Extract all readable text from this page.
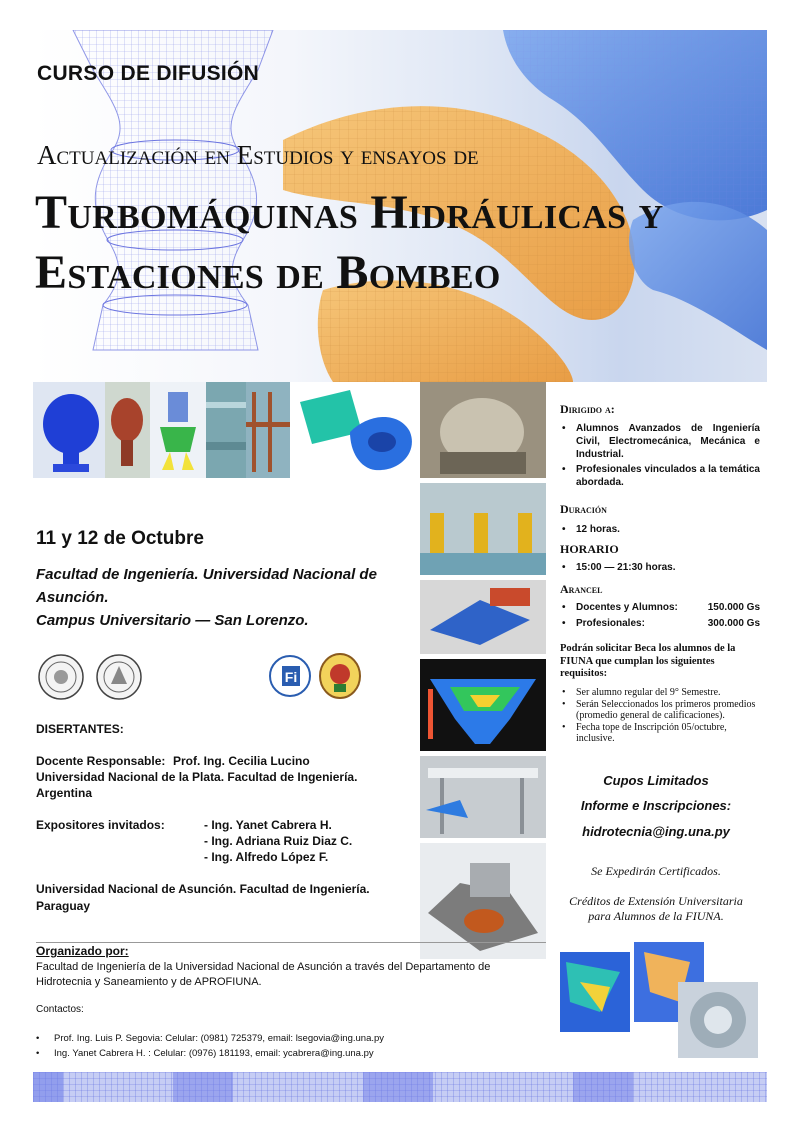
CURSO DE DIFUSIÓN
Actualización en Estudios y ensayos de
Turbomáquinas Hidráulicas y
Estaciones de Bombeo

11 y 12 de Octubre
Facultad de Ingeniería. Universidad Nacional de
Asunción.
Campus Universitario — San Lorenzo.
Fi
DISERTANTES:
Docente Responsable: Prof. Ing. Cecilia Lucino
Universidad Nacional de la Plata. Facultad de Ingeniería.
Argentina
Expositores invitados:	- Ing. Yanet Cabrera H.
- Ing. Adriana Ruiz Diaz C.
- Ing. Alfredo López F.
Universidad Nacional de Asunción. Facultad de Ingeniería.
Paraguay
Organizado por:
Facultad de Ingeniería de la Universidad Nacional de Asunción a través del Departamento de
Hidrotecnia y Saneamiento y de APROFIUNA.
Contactos:
• Prof. Ing. Luis P. Segovia: Celular: (0981) 725379, email: lsegovia@ing.una.py
• Ing. Yanet Cabrera H. : Celular: (0976) 181193, email: ycabrera@ing.una.py
Dirigido a:
• Alumnos Avanzados de Ingeniería Civil, Electromecánica, Mecánica e Industrial.
• Profesionales vinculados a la temática abordada.
Duración
• 12 horas.
HORARIO
• 15:00 — 21:30 horas.
Arancel
• Docentes y Alumnos:	150.000 Gs
• Profesionales:	300.000 Gs
Podrán solicitar Beca los alumnos de la FIUNA que cumplan los siguientes requisitos:
• Ser alumno regular del 9° Semestre.
• Serán Seleccionados los primeros promedios (promedio general de calificaciones).
• Fecha tope de Inscripción 05/octubre, inclusive.
Cupos Limitados
Informe e Inscripciones:
hidrotecnia@ing.una.py
Se Expedirán Certificados.
Créditos de Extensión Universitaria
para Alumnos de la FIUNA.
